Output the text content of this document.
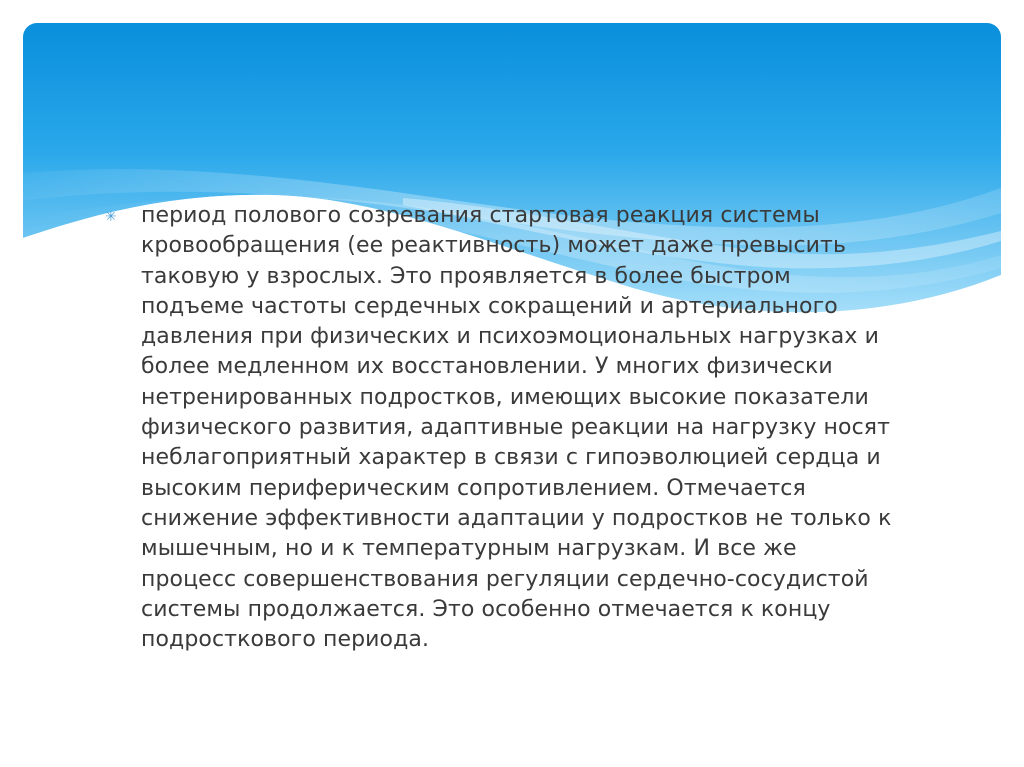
✳	период полового созревания стартовая реакция системы
кровообращения (ее реактивность) может даже превысить
таковую у взрослых. Это проявляется в более быстром
подъеме частоты сердечных сокращений и артериального
давления при физических и психоэмоциональных нагрузках и
более медленном их восстановлении. У многих физически
нетренированных подростков, имеющих высокие показатели
физического развития, адаптивные реакции на нагрузку носят
неблагоприятный характер в связи с гипоэволюцией сердца и
высоким периферическим сопротивлением. Отмечается
снижение эффективности адаптации у подростков не только к
мышечным, но и к температурным нагрузкам. И все же
процесс совершенствования регуляции сердечно-сосудистой
системы продолжается. Это особенно отмечается к концу
подросткового периода.
